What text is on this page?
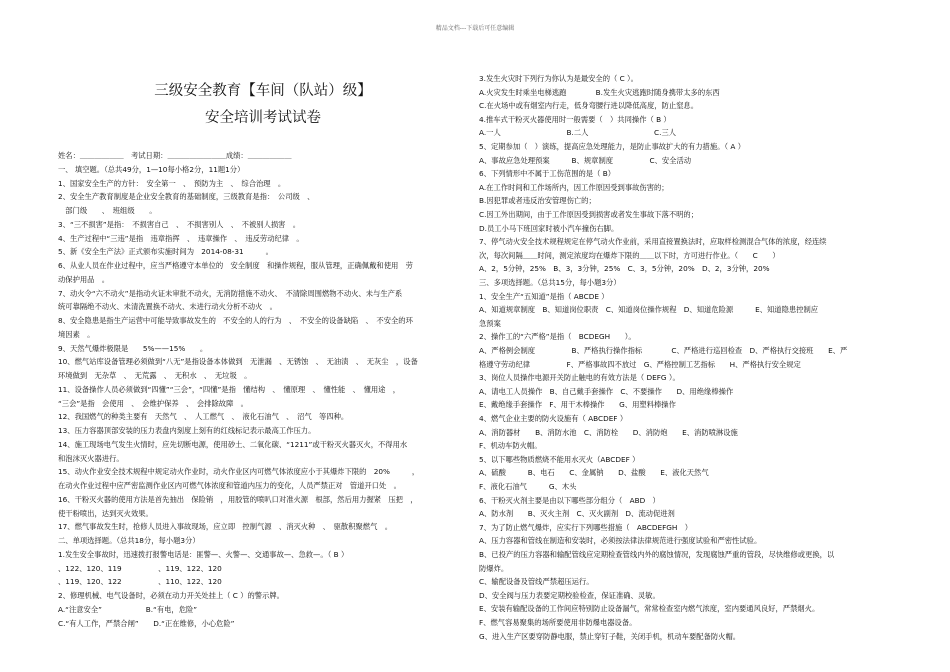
精品文档---下载后可任意编辑
三级安全教育【车间（队站）级】
安全培训考试试卷
姓名：＿＿＿＿＿＿　考试日期：＿＿＿＿＿＿＿＿成绩：＿＿＿＿＿＿
一、 填空题。（总共49分，1—10每小格2分，11题1分）
1、国家安全生产的方针：　安全第一　、　预防为主　、　综合治理　。
2、安全生产教育制度是企业安全教育的基础制度，三级教育是指：　公司级　、
　部门级　　、　班组级　　。
3、“三不损害”是指：　不损害自己　、　不损害别人　、　不被别人损害　。
4、生产过程中“三违”是指　违章指挥　、　违章操作　、　违反劳动纪律　。
5、新《安全生产法》正式颁布实施时间为　2014-08-31　　　。
6、从业人员在作业过程中，应当严格遵守本单位的　安全制度　和操作规程，服从管理，正确佩戴和使用　劳
动保护用品　。
7、动火令“六不动火”是指动火证未审批不动火，无消防措施不动火、　不清除周围燃物不动火、未与生产系
统可靠隔绝不动火、未清洗置换不动火、未进行动火分析不动火　。
8、安全隐患是指生产运营中可能导致事故发生的　不安全的人的行为　、　不安全的设备缺陷　、　不安全的环
境因素　。
9、天然气爆炸极限是　　5%——15%　　。
10、燃气站库设备管理必须做到“八无”是指设备本体做到　无泄漏　、无锈蚀　、　无油渍　、　无灰尘　，设备
环境做到　无杂草　、　无荒露　、　无积水　、　无垃圾　。
11、设备操作人员必须做到“四懂”“三会”，“四懂”是指　懂结构　、　懂原理　、　懂性能　、　懂用途　，
“三会”是指　会使用　、　会维护保养　、　会排除故障　。
12、我国燃气的种类主要有　天然气　、　人工燃气　、　液化石油气　、　沼气　等四种。
13、压力容器顶部安装的压力表盘内刻度上刻有的红线标记表示最高工作压力。
14、施工现场电气发生火情时，应先切断电源，使用砂土、二氧化碳、“1211”或干粉灭火器灭火，不得用水
和泡沫灭火器进行。
15、动火作业安全技术规程中规定动火作业时，动火作业区内可燃气体浓度应小于其爆炸下限的　20%　　　，
在动火作业过程中应严密监测作业区内可燃气体浓度和管道内压力的变化，人员严禁正对　管道开口处　。
16、干粉灭火器的使用方法是首先抽出　保险销　，用胶管的喷叭口对准火源　根部，然后用力握紧　压把　，
使干粉喷出，达到灭火效果。
17、燃气事故发生时，抢修人员进入事故现场，应立即　控制气源　、消灭火种　、　驱散积聚燃气　。
二、单项选择题。（总共18分，每小题3分）
1.发生安全事故时，迅速拨打报警电话是：匪警—、火警—、交通事故—、急救—。（ B ）
、122、120、119　　　　　、119、122、120
、119、120、122　　　　　、110、122、120
2、修理机械、电气设备时，必须在动力开关处挂上（ C ）的警示牌。
A.“注意安全”　　　　　　B.“有电，危险”
C.“有人工作，严禁合闸”　　D.“正在维修，小心危险”
3.发生火灾时下列行为你认为是最安全的（ C ）。
A.火灾发生时乘坐电梯逃跑　　　　B.发生火灾逃跑时随身携带太多的东西
C.在火场中或有烟室内行走，低身弯腰行进以降低高度，防止窒息。
4.推车式干粉灭火器使用时一般需要（　）共同操作（ B ）
A.一人　　　　　　　　　B.二人　　　　　　　　　C.三人
5、定期参加（　）演练，提高应急处理能力，是防止事故扩大的有力措施。（ A ）
A、事故应急处理预案　　　B、规章制度　　　　　C、安全活动
6、下列情形中不属于工伤范围的是（ B）
A.在工作时间和工作场所内，因工作原因受到事故伤害的；
B.因犯罪或者违反治安管理伤亡的；
C.因工外出期间，由于工作原因受到损害或者发生事故下落不明的；
D.员工小马下班回家时被小汽车撞伤右脚。
7、停气动火安全技术规程规定在停气动火作业前，采用直接置换法时，应取样检测混合气体的浓度，经连续
次，每次间隔＿＿时间，测定浓度均在爆炸下限的＿＿以下时，方可进行作业。（　　C　　）
A、2，5分钟，25%　B、3，3分钟，25%　C、3，5分钟，20%　D、2，3分钟，20%
三、多项选择题。（总共15分，每小题3分）
1、安全生产“五知道”是指（ ABCDE ）
A、知道规章制度　B、知道岗位职责　C、知道岗位操作规程　D、知道危险源　　　E、知道隐患控制应
急预案
2、操作工的“六严格”是指（　BCDEGH　　）。
A、严格例会制度　　　　　B、严格执行操作指标　　　　C、严格进行巡回检查　D、严格执行交接班　　E、严
格遵守劳动纪律　　　　　F、严格事故四不放过　G、严格控制工艺指标　　H、严格执行安全规定
3、岗位人员操作电源开关防止触电的有效方法是（ DEFG ）。
A、请电工人员操作　B、自己戴手套操作　C、不要操作　　D、用绝缘棒操作
E、戴绝缘手套操作　F、用干木棒操作　　G、用塑料棒操作
4、燃气企业主要的防火设施有（ ABCDEF ）
A、消防器材　　B、消防水池　C、消防栓　　D、消防炮　　E、消防喷淋设施
F、机动车防火帽。
5、以下哪些物质燃烧不能用水灭火（ABCDEF ）
A、硫酸　　　B、电石　　C、金属钠　　D、盐酸　　E、液化天然气
F、液化石油气　　　G、木头
6、干粉灭火剂主要是由以下哪些部分组分（　ABD　）
A、防水剂　　B、灭火主剂　C、灭火副剂　D、流动促进剂
7、为了防止燃气爆炸，应实行下列哪些措施（　ABCDEFGH　）
A、压力容器和管线在制造和安装时，必须按法律法律规范进行强度试验和严密性试验。
B、已投产的压力容器和输配管线应定期检查管线内外的腐蚀情况，发现腐蚀严重的管段，尽快维修或更换，以
防爆炸。
C、输配设备及管线严禁超压运行。
D、安全阀与压力表要定期校验检查，保证准确、灵敏。
E、安装有输配设备的工作间应特别防止设备漏气，常常检查室内燃气浓度，室内要通风良好，严禁烟火。
F、燃气容易聚集的场所要使用非防爆电器设备。
G、进入生产区要穿防静电服，禁止穿钉子鞋，关闭手机，机动车要配备防火帽。
